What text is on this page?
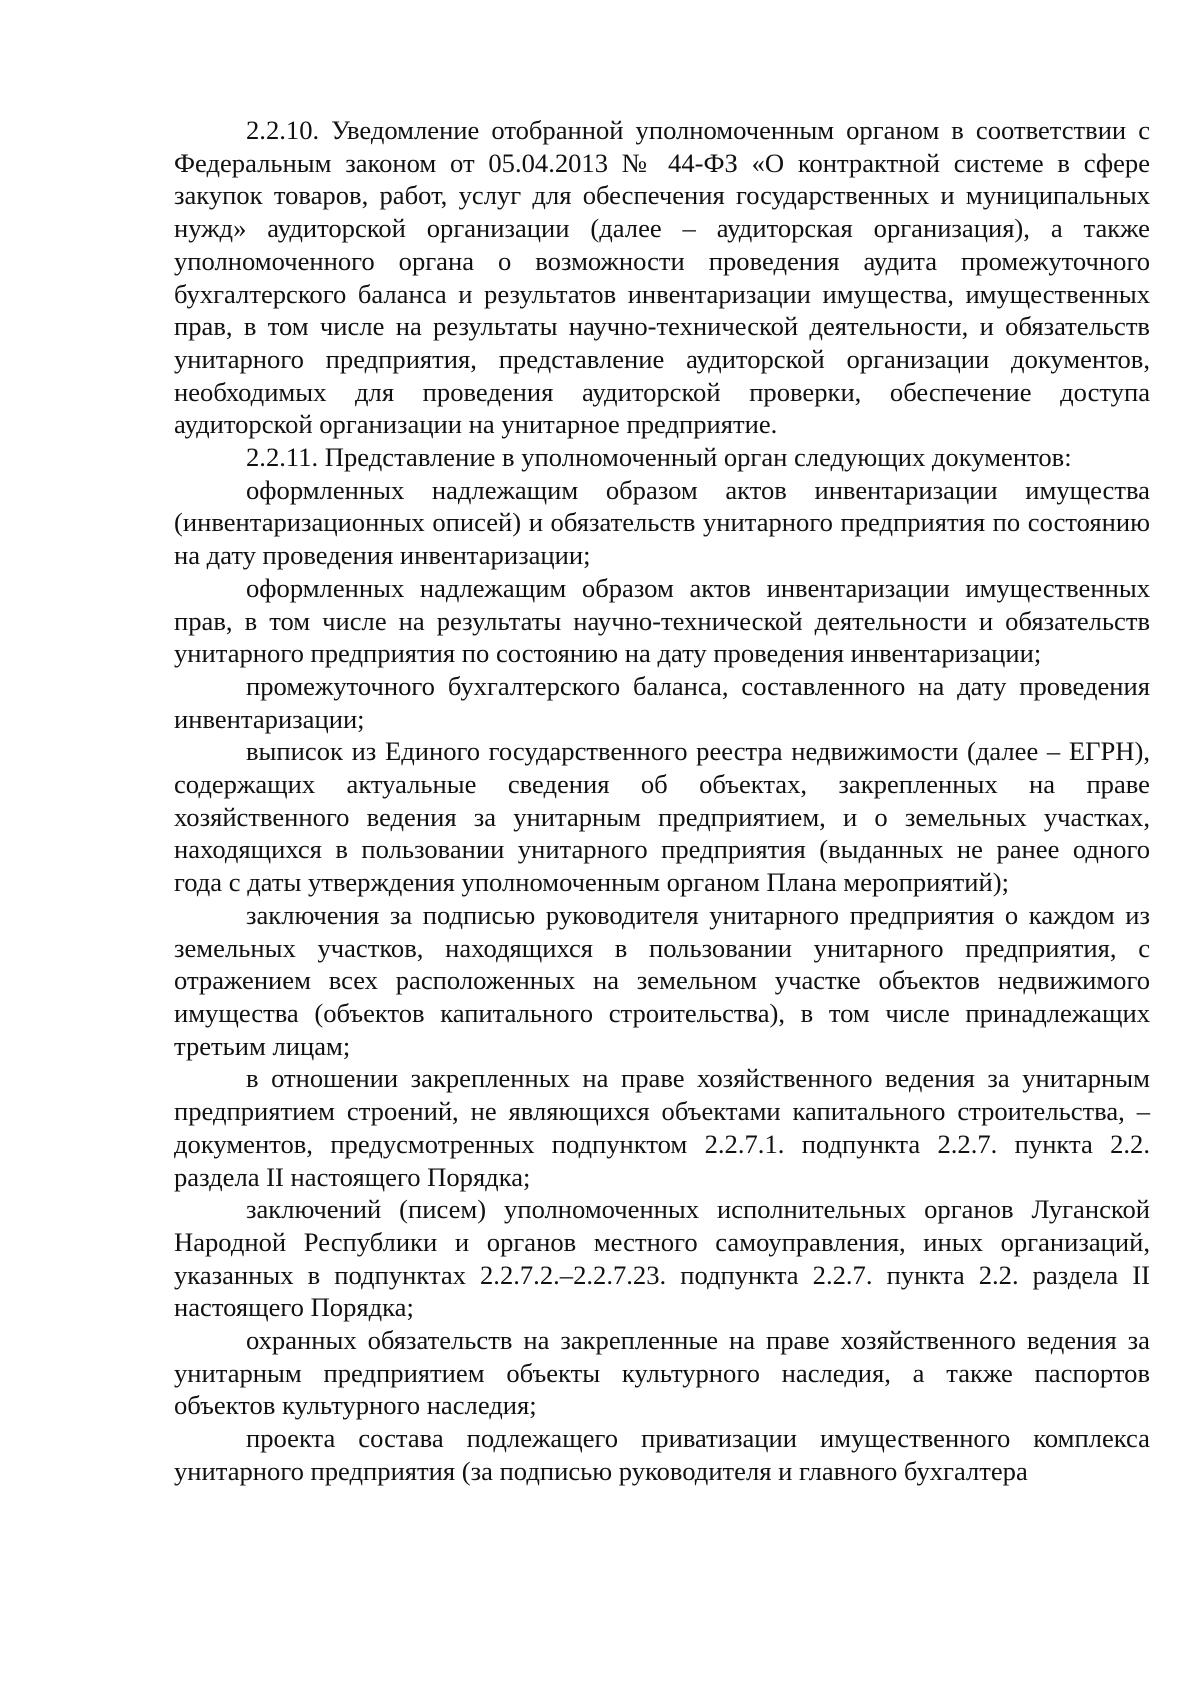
2.2.10. Уведомление отобранной уполномоченным органом в соответствии с Федеральным законом от 05.04.2013 № 44-ФЗ «О контрактной системе в сфере закупок товаров, работ, услуг для обеспечения государственных и муниципальных нужд» аудиторской организации (далее – аудиторская организация), а также уполномоченного органа о возможности проведения аудита промежуточного бухгалтерского баланса и результатов инвентаризации имущества, имущественных прав, в том числе на результаты научно-технической деятельности, и обязательств унитарного предприятия, представление аудиторской организации документов, необходимых для проведения аудиторской проверки, обеспечение доступа аудиторской организации на унитарное предприятие.

2.2.11. Представление в уполномоченный орган следующих документов:

оформленных надлежащим образом актов инвентаризации имущества (инвентаризационных описей) и обязательств унитарного предприятия по состоянию на дату проведения инвентаризации;

оформленных надлежащим образом актов инвентаризации имущественных прав, в том числе на результаты научно-технической деятельности и обязательств унитарного предприятия по состоянию на дату проведения инвентаризации;

промежуточного бухгалтерского баланса, составленного на дату проведения инвентаризации;

выписок из Единого государственного реестра недвижимости (далее – ЕГРН), содержащих актуальные сведения об объектах, закрепленных на праве хозяйственного ведения за унитарным предприятием, и о земельных участках, находящихся в пользовании унитарного предприятия (выданных не ранее одного года с даты утверждения уполномоченным органом Плана мероприятий);

заключения за подписью руководителя унитарного предприятия о каждом из земельных участков, находящихся в пользовании унитарного предприятия, с отражением всех расположенных на земельном участке объектов недвижимого имущества (объектов капитального строительства), в том числе принадлежащих третьим лицам;

в отношении закрепленных на праве хозяйственного ведения за унитарным предприятием строений, не являющихся объектами капитального строительства, – документов, предусмотренных подпунктом 2.2.7.1. подпункта 2.2.7. пункта 2.2. раздела II настоящего Порядка;

заключений (писем) уполномоченных исполнительных органов Луганской Народной Республики и органов местного самоуправления, иных организаций, указанных в подпунктах 2.2.7.2.–2.2.7.23. подпункта 2.2.7. пункта 2.2. раздела II настоящего Порядка;

охранных обязательств на закрепленные на праве хозяйственного ведения за унитарным предприятием объекты культурного наследия, а также паспортов объектов культурного наследия;

проекта состава подлежащего приватизации имущественного комплекса унитарного предприятия (за подписью руководителя и главного бухгалтера
